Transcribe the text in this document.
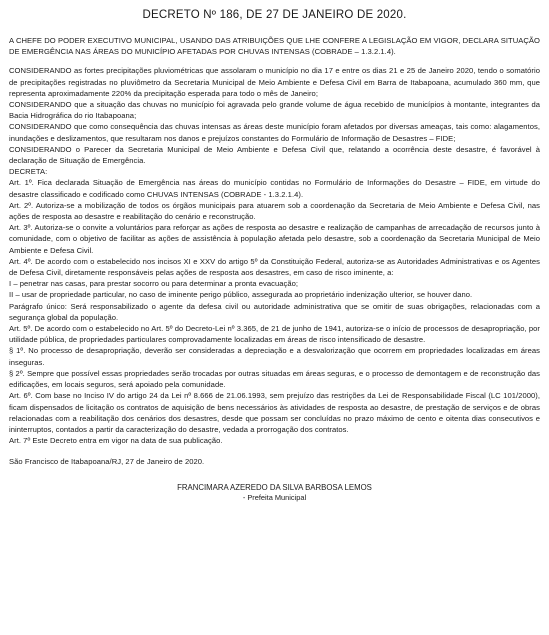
DECRETO Nº 186, DE 27 DE JANEIRO DE 2020.

A CHEFE DO PODER EXECUTIVO MUNICIPAL, USANDO DAS ATRIBUIÇÕES QUE LHE CONFERE A LEGISLAÇÃO EM VIGOR, DECLARA SITUAÇÃO DE EMERGÊNCIA NAS ÁREAS DO MUNICÍPIO AFETADAS POR CHUVAS INTENSAS (COBRADE – 1.3.2.1.4).

CONSIDERANDO as fortes precipitações pluviométricas que assolaram o município no dia 17 e entre os dias 21 e 25 de Janeiro 2020, tendo o somatório de precipitações registradas no pluviômetro da Secretaria Municipal de Meio Ambiente e Defesa Civil em Barra de Itabapoana, acumulado 360 mm, que representa aproximadamente 220% da precipitação esperada para todo o mês de Janeiro;

CONSIDERANDO que a situação das chuvas no município foi agravada pelo grande volume de água recebido de municípios à montante, integrantes da Bacia Hidrográfica do rio Itabapoana;

CONSIDERANDO que como consequência das chuvas intensas as áreas deste município foram afetados por diversas ameaças, tais como: alagamentos, inundações e deslizamentos, que resultaram nos danos e prejuízos constantes do Formulário de Informação de Desastres – FIDE;

CONSIDERANDO o Parecer da Secretaria Municipal de Meio Ambiente e Defesa Civil que, relatando a ocorrência deste desastre, é favorável à declaração de Situação de Emergência.

DECRETA:

Art. 1º. Fica declarada Situação de Emergência nas áreas do município contidas no Formulário de Informações do Desastre – FIDE, em virtude do desastre classificado e codificado como CHUVAS INTENSAS (COBRADE - 1.3.2.1.4).

Art. 2º. Autoriza-se a mobilização de todos os órgãos municipais para atuarem sob a coordenação da Secretaria de Meio Ambiente e Defesa Civil, nas ações de resposta ao desastre e reabilitação do cenário e reconstrução.

Art. 3º. Autoriza-se o convite a voluntários para reforçar as ações de resposta ao desastre e realização de campanhas de arrecadação de recursos junto à comunidade, com o objetivo de facilitar as ações de assistência à população afetada pelo desastre, sob a coordenação da Secretaria Municipal de Meio Ambiente e Defesa Civil.

Art. 4º. De acordo com o estabelecido nos incisos XI e XXV do artigo 5º da Constituição Federal, autoriza-se as Autoridades Administrativas e os Agentes de Defesa Civil, diretamente responsáveis pelas ações de resposta aos desastres, em caso de risco iminente, a:

I – penetrar nas casas, para prestar socorro ou para determinar a pronta evacuação;

II – usar de propriedade particular, no caso de iminente perigo público, assegurada ao proprietário indenização ulterior, se houver dano.

Parágrafo único: Será responsabilizado o agente da defesa civil ou autoridade administrativa que se omitir de suas obrigações, relacionadas com a segurança global da população.

Art. 5º. De acordo com o estabelecido no Art. 5º do Decreto-Lei nº 3.365, de 21 de junho de 1941, autoriza-se o início de processos de desapropriação, por utilidade pública, de propriedades particulares comprovadamente localizadas em áreas de risco intensificado de desastre.

§ 1º. No processo de desapropriação, deverão ser consideradas a depreciação e a desvalorização que ocorrem em propriedades localizadas em áreas inseguras.

§ 2º. Sempre que possível essas propriedades serão trocadas por outras situadas em áreas seguras, e o processo de demontagem e de reconstrução das edificações, em locais seguros, será apoiado pela comunidade.

Art. 6º. Com base no Inciso IV do artigo 24 da Lei nº 8.666 de 21.06.1993, sem prejuízo das restrições da Lei de Responsabilidade Fiscal (LC 101/2000), ficam dispensados de licitação os contratos de aquisição de bens necessários às atividades de resposta ao desastre, de prestação de serviços e de obras relacionadas com a reabilitação dos cenários dos desastres, desde que possam ser concluídas no prazo máximo de cento e oitenta dias consecutivos e ininterruptos, contados a partir da caracterização do desastre, vedada a prorrogação dos contratos.

Art. 7º Este Decreto entra em vigor na data de sua publicação.

São Francisco de Itabapoana/RJ, 27 de Janeiro de 2020.

FRANCIMARA AZEREDO DA SILVA BARBOSA LEMOS
- Prefeita Municipal
